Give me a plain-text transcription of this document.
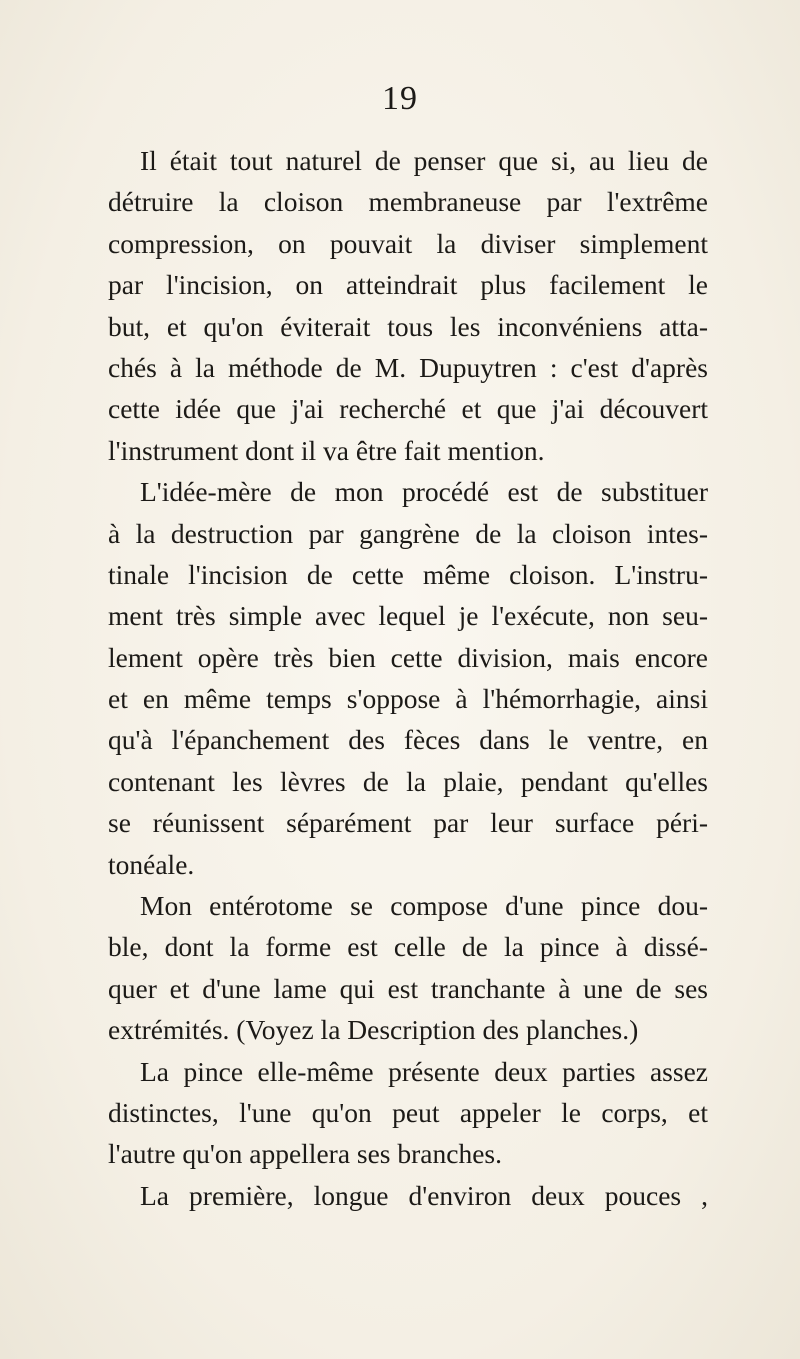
19
Il était tout naturel de penser que si, au lieu de
détruire la cloison membraneuse par l'extrême
compression, on pouvait la diviser simplement
par l'incision, on atteindrait plus facilement le
but, et qu'on éviterait tous les inconvéniens atta-
chés à la méthode de M. Dupuytren : c'est d'après
cette idée que j'ai recherché et que j'ai découvert
l'instrument dont il va être fait mention.
L'idée-mère de mon procédé est de substituer
à la destruction par gangrène de la cloison intes-
tinale l'incision de cette même cloison. L'instru-
ment très simple avec lequel je l'exécute, non seu-
lement opère très bien cette division, mais encore
et en même temps s'oppose à l'hémorrhagie, ainsi
qu'à l'épanchement des fèces dans le ventre, en
contenant les lèvres de la plaie, pendant qu'elles
se réunissent séparément par leur surface péri-
tonéale.
Mon entérotome se compose d'une pince dou-
ble, dont la forme est celle de la pince à dissé-
quer et d'une lame qui est tranchante à une de ses
extrémités. (Voyez la Description des planches.)
La pince elle-même présente deux parties assez
distinctes, l'une qu'on peut appeler le corps, et
l'autre qu'on appellera ses branches.
La première, longue d'environ deux pouces ,
